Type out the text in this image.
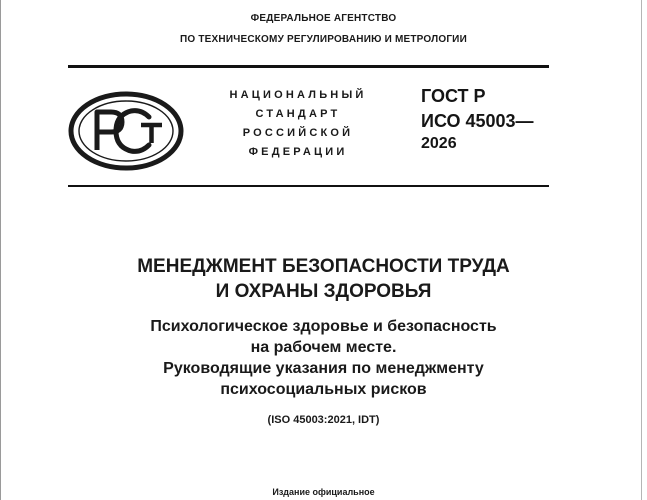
ФЕДЕРАЛЬНОЕ АГЕНТСТВО
ПО ТЕХНИЧЕСКОМУ РЕГУЛИРОВАНИЮ И МЕТРОЛОГИИ
НАЦИОНАЛЬНЫЙ
СТАНДАРТ
РОССИЙСКОЙ
ФЕДЕРАЦИИ
ГОСТ Р
ИСО 45003—
2026
МЕНЕДЖМЕНТ БЕЗОПАСНОСТИ ТРУДА
И ОХРАНЫ ЗДОРОВЬЯ
Психологическое здоровье и безопасность
на рабочем месте.
Руководящие указания по менеджменту
психосоциальных рисков
(ISO 45003:2021, IDT)
Издание официальное
